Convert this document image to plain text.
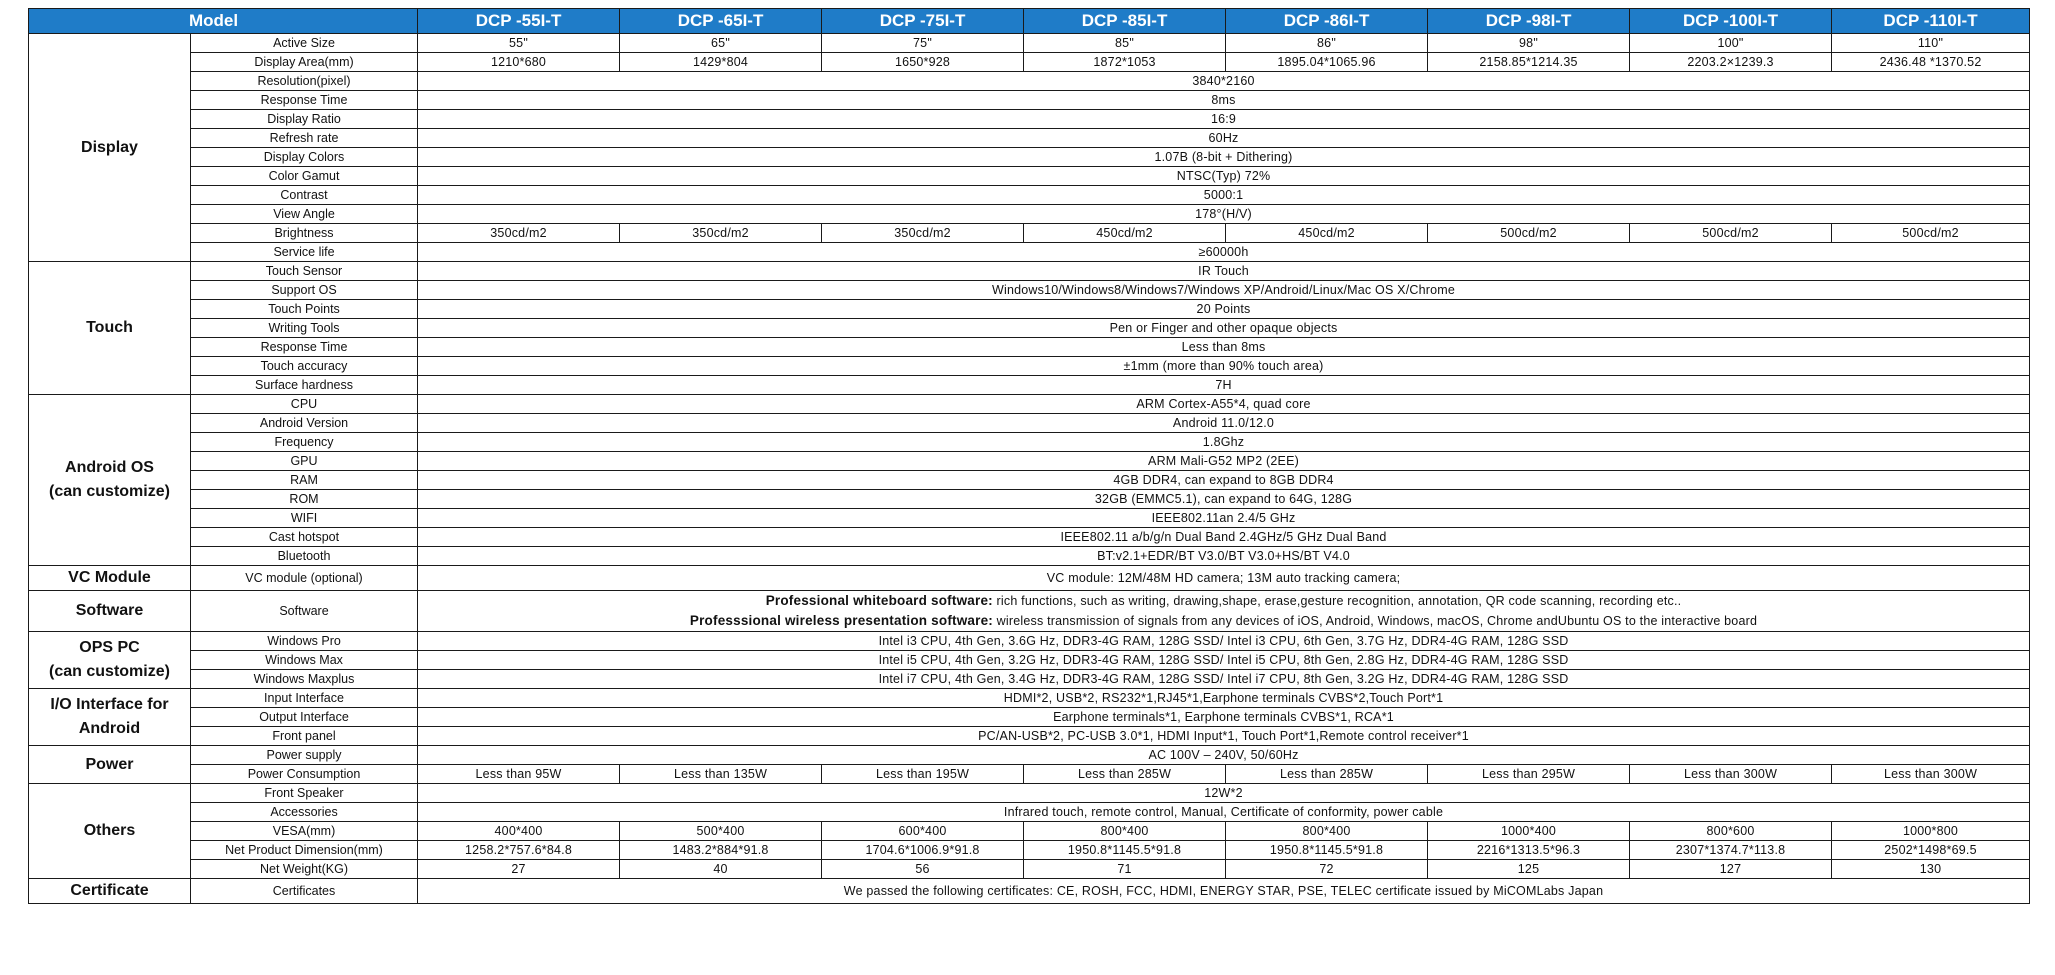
Model		DCP -55I-T	DCP -65I-T	DCP -75I-T	DCP -85I-T	DCP -86I-T	DCP -98I-T	DCP -100I-T	DCP -110I-T

Display	Active Size	55"	65"	75"	85"	86"	98"	100"	110"
	Display Area(mm)	1210*680	1429*804	1650*928	1872*1053	1895.04*1065.96	2158.85*1214.35	2203.2×1239.3	2436.48 *1370.52
	Resolution(pixel)	3840*2160							
	Response Time	8ms							
	Display Ratio	16:9							
	Refresh rate	60Hz							
	Display Colors	1.07B (8-bit + Dithering)							
	Color Gamut	NTSC(Typ) 72%							
	Contrast	5000:1							
	View Angle	178°(H/V)							
	Brightness	350cd/m2	350cd/m2	350cd/m2	450cd/m2	450cd/m2	500cd/m2	500cd/m2	500cd/m2
	Service life	≥60000h							

Touch	Touch Sensor	IR Touch							
	Support OS	Windows10/Windows8/Windows7/Windows XP/Android/Linux/Mac OS X/Chrome							
	Touch Points	20 Points							
	Writing Tools	Pen or Finger and other opaque objects							
	Response Time	Less than 8ms							
	Touch accuracy	±1mm (more than 90% touch area)							
	Surface hardness	7H							

Android OS
(can customize)	CPU	ARM Cortex-A55*4, quad core							
	Android Version	Android 11.0/12.0							
	Frequency	1.8Ghz							
	GPU	ARM Mali-G52 MP2 (2EE)							
	RAM	4GB DDR4, can expand to 8GB DDR4							
	ROM	32GB (EMMC5.1), can expand to 64G, 128G							
	WIFI	IEEE802.11an 2.4/5 GHz							
	Cast hotspot	IEEE802.11 a/b/g/n Dual Band 2.4GHz/5 GHz Dual Band							
	Bluetooth	BT:v2.1+EDR/BT V3.0/BT V3.0+HS/BT V4.0							

VC Module	VC module (optional)	VC module: 12M/48M HD camera; 13M auto tracking camera;							

Software	Software	Professional whiteboard software: rich functions, such as writing, drawing,shape, erase,gesture recognition, annotation, QR code scanning, recording etc..
Professsional wireless presentation software: wireless transmission of signals from any devices of iOS, Android, Windows, macOS, Chrome andUbuntu OS to the interactive board							

OPS PC
(can customize)	Windows Pro	Intel i3 CPU, 4th Gen, 3.6G Hz, DDR3-4G RAM, 128G SSD/ Intel i3 CPU, 6th Gen, 3.7G Hz, DDR4-4G RAM, 128G SSD							
	Windows Max	Intel i5 CPU, 4th Gen, 3.2G Hz, DDR3-4G RAM, 128G SSD/ Intel i5 CPU, 8th Gen, 2.8G Hz, DDR4-4G RAM, 128G SSD							
	Windows Maxplus	Intel i7 CPU, 4th Gen, 3.4G Hz, DDR3-4G RAM, 128G SSD/ Intel i7 CPU, 8th Gen, 3.2G Hz, DDR4-4G RAM, 128G SSD							

I/O Interface for
Android	Input Interface	HDMI*2, USB*2, RS232*1,RJ45*1,Earphone terminals CVBS*2,Touch Port*1							
	Output Interface	Earphone terminals*1, Earphone terminals CVBS*1, RCA*1							
	Front panel	PC/AN-USB*2, PC-USB 3.0*1, HDMI Input*1, Touch Port*1,Remote control receiver*1							

Power	Power supply	AC 100V – 240V, 50/60Hz							
	Power Consumption	Less than 95W	Less than 135W	Less than 195W	Less than 285W	Less than 285W	Less than 295W	Less than 300W	Less than 300W

Others	Front Speaker	12W*2							
	Accessories	Infrared touch, remote control, Manual, Certificate of conformity, power cable							
	VESA(mm)	400*400	500*400	600*400	800*400	800*400	1000*400	800*600	1000*800
	Net Product Dimension(mm)	1258.2*757.6*84.8	1483.2*884*91.8	1704.6*1006.9*91.8	1950.8*1145.5*91.8	1950.8*1145.5*91.8	2216*1313.5*96.3	2307*1374.7*113.8	2502*1498*69.5
	Net Weight(KG)	27	40	56	71	72	125	127	130

Certificate	Certificates	We passed the following certificates: CE, ROSH, FCC, HDMI, ENERGY STAR, PSE, TELEC certificate issued by MiCOMLabs Japan							
